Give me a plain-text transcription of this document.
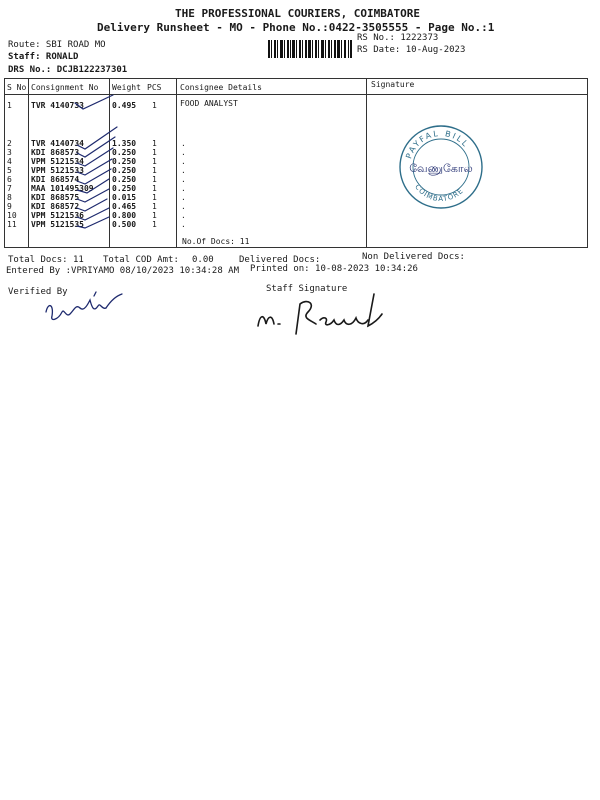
THE PROFESSIONAL COURIERS, COIMBATORE
Delivery Runsheet - MO - Phone No.:0422-3505555 - Page No.:1
Route: SBI ROAD MO
Staff: RONALD
DRS No.: DCJB122237301
RS No.: 1222373
RS Date: 10-Aug-2023
S No Consignment No Weight PCS Consignee Details	Signature
1 TVR 4140733	0.495 1	FOOD ANALYST
2 TVR 4140734	1.350 1	.
3 KDI 868573	0.250 1	.
4 VPM 5121534	0.250 1	.
5 VPM 5121533	0.250 1	.
6 KDI 868574	0.250 1	.
7 MAA 101495309 0.250 1	.
8 KDI 868575	0.015 1	.
9 KDI 868572	0.465 1	.
10 VPM 5121536	0.800 1	.
11 VPM 5121535	0.500 1	.
No.Of Docs: 11
PAYFAL BILL
COIMBATORE
வேணுகோல
Total Docs: 11 Total COD Amt: 0.00	Delivered Docs:	Non Delivered Docs:
Entered By :VPRIYAMO 08/10/2023 10:34:28 AM Printed on: 10-08-2023 10:34:26
Verified By	Staff Signature
